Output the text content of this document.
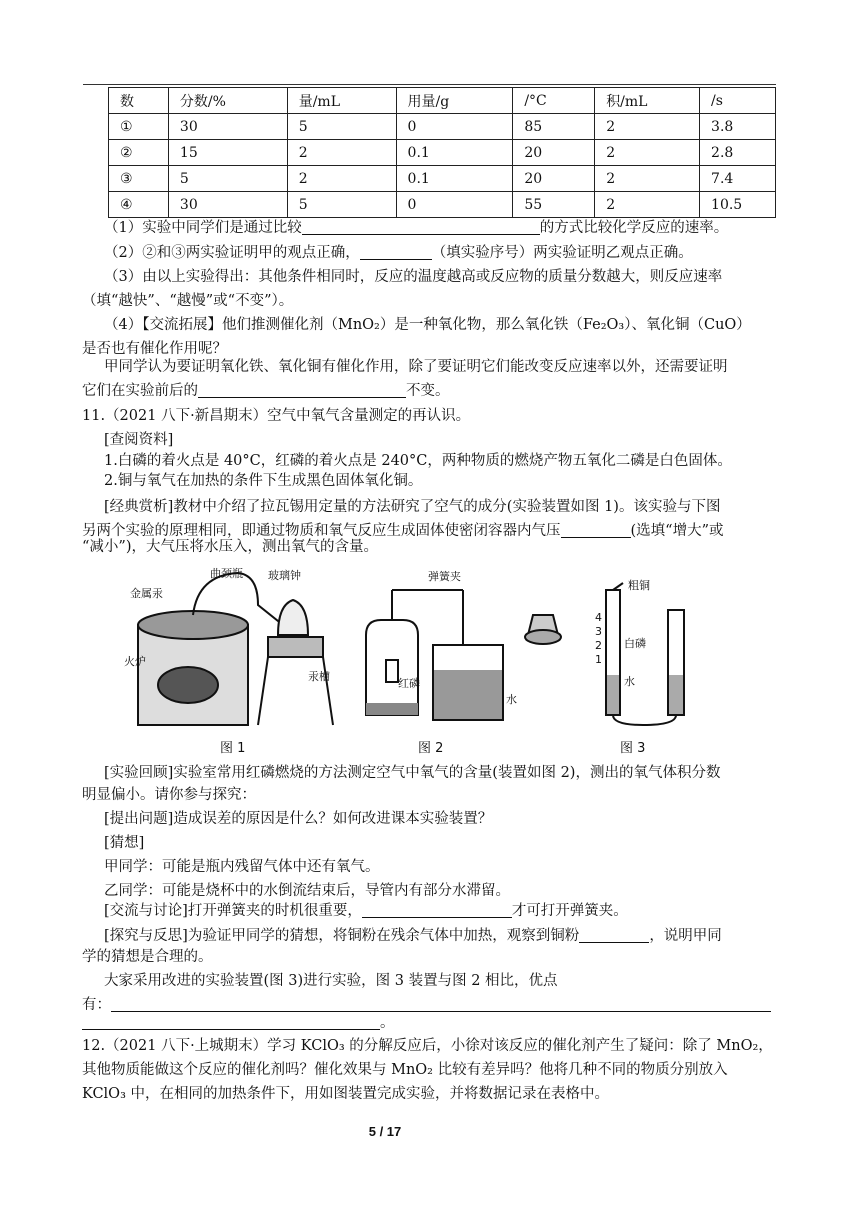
数	分数/%	量/mL	用量/g	/°C	积/mL	/s
①	30	5	0	85	2	3.8
②	15	2	0.1	20	2	2.8
③	5	2	0.1	20	2	7.4
④	30	5	0	55	2	10.5
（1）实验中同学们是通过比较	的方式比较化学反应的速率。
（2）②和③两实验证明甲的观点正确，	（填实验序号）两实验证明乙观点正确。
（3）由以上实验得出：其他条件相同时，反应的温度越高或反应物的质量分数越大，则反应速率
（填“越快”、“越慢”或“不变”）。
（4）【交流拓展】他们推测催化剂（MnO₂）是一种氧化物，那么氧化铁（Fe₂O₃）、氧化铜（CuO）
是否也有催化作用呢？
甲同学认为要证明氧化铁、氧化铜有催化作用，除了要证明它们能改变反应速率以外，还需要证明
它们在实验前后的	不变。
11.（2021 八下·新昌期末）空气中氧气含量测定的再认识。
[查阅资料]
1.白磷的着火点是 40°C，红磷的着火点是 240°C，两种物质的燃烧产物五氧化二磷是白色固体。
2.铜与氧气在加热的条件下生成黑色固体氧化铜。
[经典赏析]教材中介绍了拉瓦锡用定量的方法研究了空气的成分(实验装置如图 1)。该实验与下图
另两个实验的原理相同，即通过物质和氧气反应生成固体使密闭容器内气压	(选填“增大”或
“减小”)，大气压将水压入，测出氧气的含量。
曲颈瓶
金属汞
玻璃钟
汞槽
火炉
弹簧夹
红磷
水
粗铜
白磷
水
4
3
2
1
图 1	图 2	图 3
[实验回顾]实验室常用红磷燃烧的方法测定空气中氧气的含量(装置如图 2)，测出的氧气体积分数
明显偏小。请你参与探究：
[提出问题]造成误差的原因是什么？如何改进课本实验装置？
[猜想]
甲同学：可能是瓶内残留气体中还有氧气。
乙同学：可能是烧杯中的水倒流结束后，导管内有部分水滞留。
[交流与讨论]打开弹簧夹的时机很重要，	才可打开弹簧夹。
[探究与反思]为验证甲同学的猜想，将铜粉在残余气体中加热，观察到铜粉	，说明甲同
学的猜想是合理的。
大家采用改进的实验装置(图 3)进行实验，图 3 装置与图 2 相比，优点
有：
。
12.（2021 八下·上城期末）学习 KClO₃ 的分解反应后，小徐对该反应的催化剂产生了疑问：除了 MnO₂，
其他物质能做这个反应的催化剂吗？催化效果与 MnO₂ 比较有差异吗？他将几种不同的物质分别放入
KClO₃ 中，在相同的加热条件下，用如图装置完成实验，并将数据记录在表格中。
5 / 17
